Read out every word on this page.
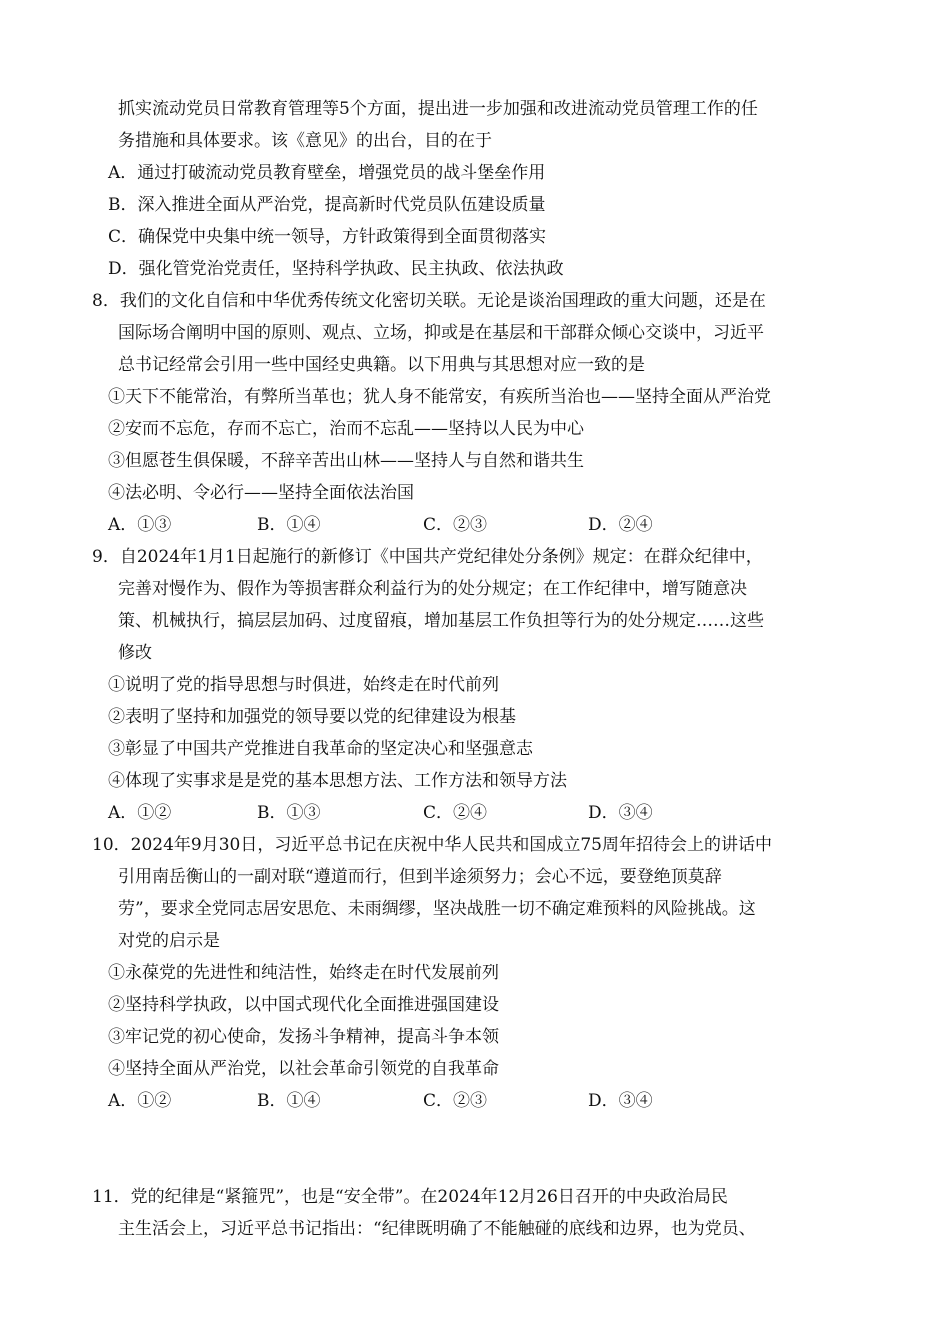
抓实流动党员日常教育管理等5个方面，提出进一步加强和改进流动党员管理工作的任
务措施和具体要求。该《意见》的出台，目的在于
A．通过打破流动党员教育壁垒，增强党员的战斗堡垒作用
B．深入推进全面从严治党，提高新时代党员队伍建设质量
C．确保党中央集中统一领导，方针政策得到全面贯彻落实
D．强化管党治党责任，坚持科学执政、民主执政、依法执政
8．我们的文化自信和中华优秀传统文化密切关联。无论是谈治国理政的重大问题，还是在
国际场合阐明中国的原则、观点、立场，抑或是在基层和干部群众倾心交谈中，习近平
总书记经常会引用一些中国经史典籍。以下用典与其思想对应一致的是
①天下不能常治，有弊所当革也；犹人身不能常安，有疾所当治也——坚持全面从严治党
②安而不忘危，存而不忘亡，治而不忘乱——坚持以人民为中心
③但愿苍生俱保暖，不辞辛苦出山林——坚持人与自然和谐共生
④法必明、令必行——坚持全面依法治国
A．①③	B．①④	C．②③	D．②④
9．自2024年1月1日起施行的新修订《中国共产党纪律处分条例》规定：在群众纪律中，
完善对慢作为、假作为等损害群众利益行为的处分规定；在工作纪律中，增写随意决
策、机械执行，搞层层加码、过度留痕，增加基层工作负担等行为的处分规定……这些
修改
①说明了党的指导思想与时俱进，始终走在时代前列
②表明了坚持和加强党的领导要以党的纪律建设为根基
③彰显了中国共产党推进自我革命的坚定决心和坚强意志
④体现了实事求是是党的基本思想方法、工作方法和领导方法
A．①②	B．①③	C．②④	D．③④
10．2024年9月30日，习近平总书记在庆祝中华人民共和国成立75周年招待会上的讲话中
引用南岳衡山的一副对联“遵道而行，但到半途须努力；会心不远，要登绝顶莫辞
劳”，要求全党同志居安思危、未雨绸缪，坚决战胜一切不确定难预料的风险挑战。这
对党的启示是
①永葆党的先进性和纯洁性，始终走在时代发展前列
②坚持科学执政，以中国式现代化全面推进强国建设
③牢记党的初心使命，发扬斗争精神，提高斗争本领
④坚持全面从严治党，以社会革命引领党的自我革命
A．①②	B．①④	C．②③	D．③④
11．党的纪律是“紧箍咒”，也是“安全带”。在2024年12月26日召开的中央政治局民
主生活会上，习近平总书记指出：“纪律既明确了不能触碰的底线和边界，也为党员、
